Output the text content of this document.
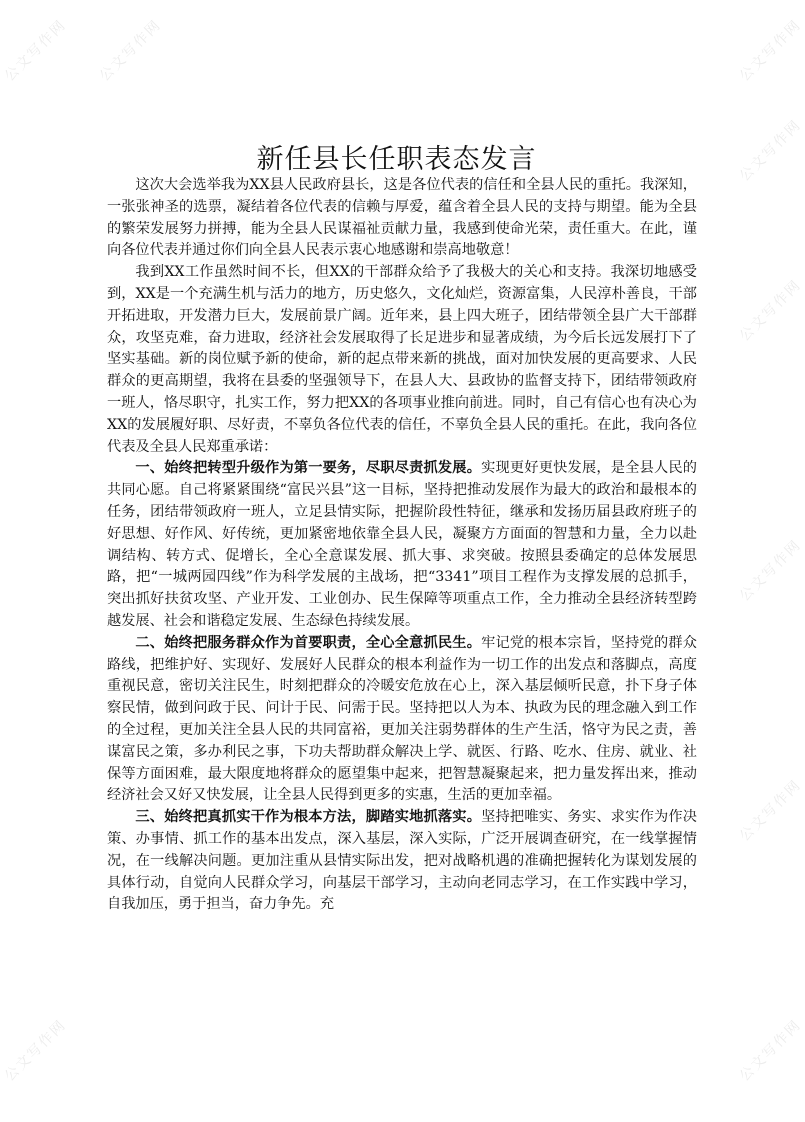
公文写作网 公文写作网	公文写作网
公文写作网
公文写作网
公文写作网
公文写作网
公文写作网
公文写作网
新任县长任职表态发言

这次大会选举我为XX县人民政府县长，这是各位代表的信任和全县人民的重托。我深知，一张张神圣的选票，凝结着各位代表的信赖与厚爱，蕴含着全县人民的支持与期望。能为全县的繁荣发展努力拼搏，能为全县人民谋福祉贡献力量，我感到使命光荣，责任重大。在此，谨向各位代表并通过你们向全县人民表示衷心地感谢和崇高地敬意！

我到XX工作虽然时间不长，但XX的干部群众给予了我极大的关心和支持。我深切地感受到，XX是一个充满生机与活力的地方，历史悠久，文化灿烂，资源富集，人民淳朴善良，干部开拓进取，开发潜力巨大，发展前景广阔。近年来，县上四大班子，团结带领全县广大干部群众，攻坚克难，奋力进取，经济社会发展取得了长足进步和显著成绩，为今后长远发展打下了坚实基础。新的岗位赋予新的使命，新的起点带来新的挑战，面对加快发展的更高要求、人民群众的更高期望，我将在县委的坚强领导下，在县人大、县政协的监督支持下，团结带领政府一班人，恪尽职守，扎实工作，努力把XX的各项事业推向前进。同时，自己有信心也有决心为XX的发展履好职、尽好责，不辜负各位代表的信任，不辜负全县人民的重托。在此，我向各位代表及全县人民郑重承诺：

一、始终把转型升级作为第一要务，尽职尽责抓发展。实现更好更快发展，是全县人民的共同心愿。自己将紧紧围绕“富民兴县”这一目标，坚持把推动发展作为最大的政治和最根本的任务，团结带领政府一班人，立足县情实际，把握阶段性特征，继承和发扬历届县政府班子的好思想、好作风、好传统，更加紧密地依靠全县人民，凝聚方方面面的智慧和力量，全力以赴调结构、转方式、促增长，全心全意谋发展、抓大事、求突破。按照县委确定的总体发展思路，把“一城两园四线”作为科学发展的主战场，把“3341”项目工程作为支撑发展的总抓手，突出抓好扶贫攻坚、产业开发、工业创办、民生保障等项重点工作，全力推动全县经济转型跨越发展、社会和谐稳定发展、生态绿色持续发展。

二、始终把服务群众作为首要职责，全心全意抓民生。牢记党的根本宗旨，坚持党的群众路线，把维护好、实现好、发展好人民群众的根本利益作为一切工作的出发点和落脚点，高度重视民意，密切关注民生，时刻把群众的冷暖安危放在心上，深入基层倾听民意，扑下身子体察民情，做到问政于民、问计于民、问需于民。坚持把以人为本、执政为民的理念融入到工作的全过程，更加关注全县人民的共同富裕，更加关注弱势群体的生产生活，恪守为民之责，善谋富民之策，多办利民之事，下功夫帮助群众解决上学、就医、行路、吃水、住房、就业、社保等方面困难，最大限度地将群众的愿望集中起来，把智慧凝聚起来，把力量发挥出来，推动经济社会又好又快发展，让全县人民得到更多的实惠，生活的更加幸福。

三、始终把真抓实干作为根本方法，脚踏实地抓落实。坚持把唯实、务实、求实作为作决策、办事情、抓工作的基本出发点，深入基层，深入实际，广泛开展调查研究，在一线掌握情况，在一线解决问题。更加注重从县情实际出发，把对战略机遇的准确把握转化为谋划发展的具体行动，自觉向人民群众学习，向基层干部学习，主动向老同志学习，在工作实践中学习，自我加压，勇于担当，奋力争先。充
